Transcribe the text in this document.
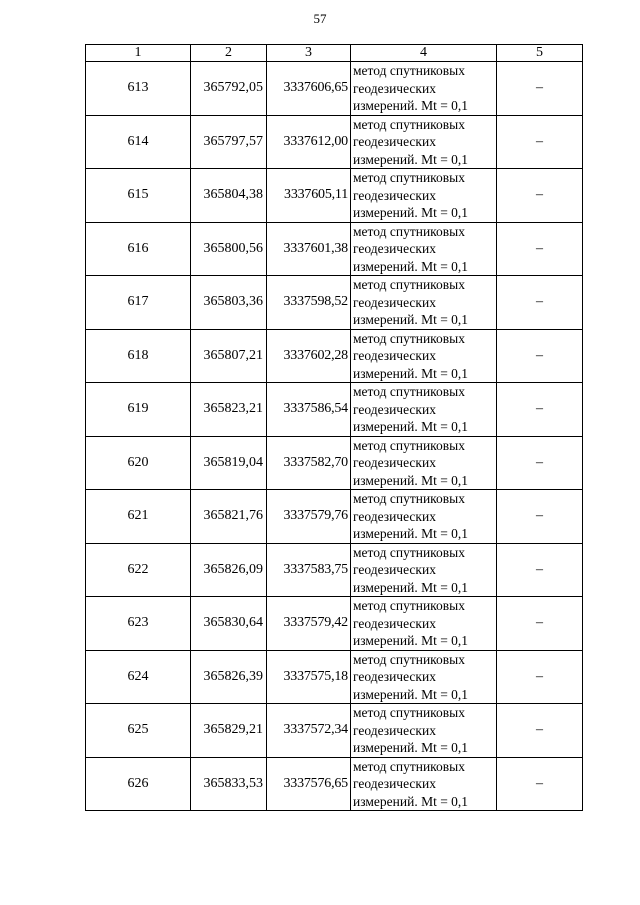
57
1	2	3	4	5
613	365792,05	3337606,65	метод спутниковых
геодезических
измерений. Mt = 0,1	–
614	365797,57	3337612,00	метод спутниковых
геодезических
измерений. Mt = 0,1	–
615	365804,38	3337605,11	метод спутниковых
геодезических
измерений. Mt = 0,1	–
616	365800,56	3337601,38	метод спутниковых
геодезических
измерений. Mt = 0,1	–
617	365803,36	3337598,52	метод спутниковых
геодезических
измерений. Mt = 0,1	–
618	365807,21	3337602,28	метод спутниковых
геодезических
измерений. Mt = 0,1	–
619	365823,21	3337586,54	метод спутниковых
геодезических
измерений. Mt = 0,1	–
620	365819,04	3337582,70	метод спутниковых
геодезических
измерений. Mt = 0,1	–
621	365821,76	3337579,76	метод спутниковых
геодезических
измерений. Mt = 0,1	–
622	365826,09	3337583,75	метод спутниковых
геодезических
измерений. Mt = 0,1	–
623	365830,64	3337579,42	метод спутниковых
геодезических
измерений. Mt = 0,1	–
624	365826,39	3337575,18	метод спутниковых
геодезических
измерений. Mt = 0,1	–
625	365829,21	3337572,34	метод спутниковых
геодезических
измерений. Mt = 0,1	–
626	365833,53	3337576,65	метод спутниковых
геодезических
измерений. Mt = 0,1	–
